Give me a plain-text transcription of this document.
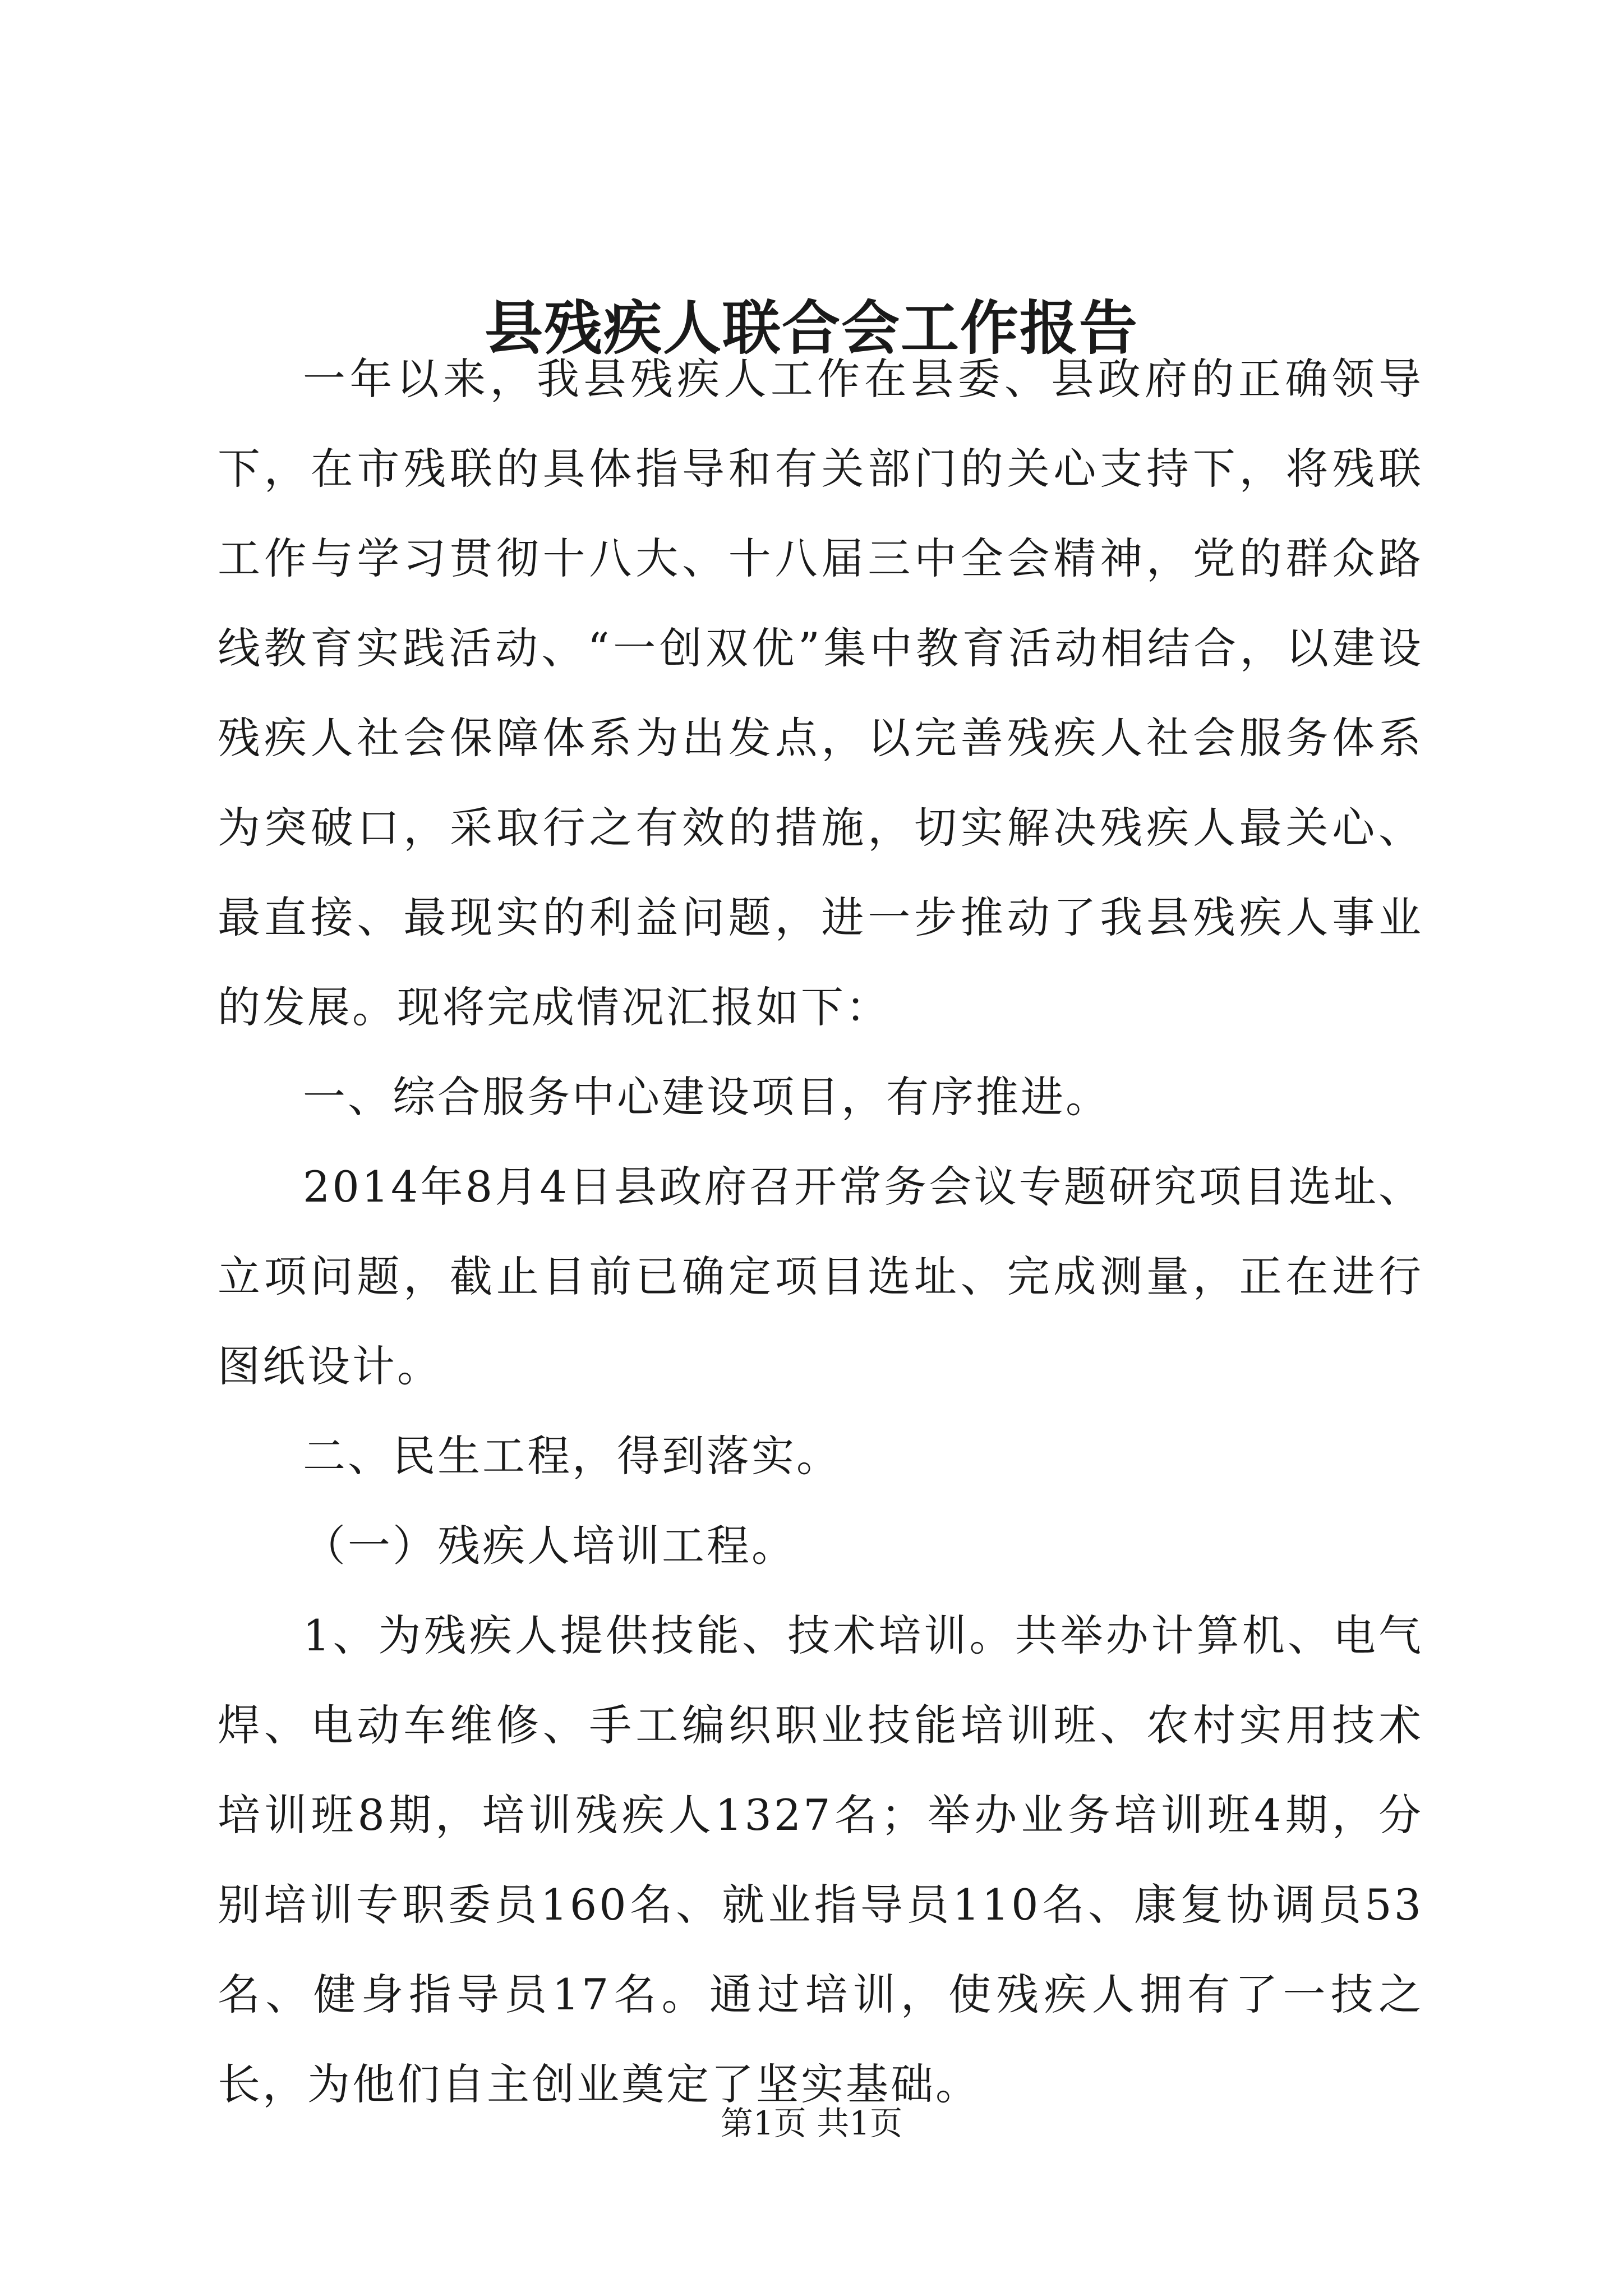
县残疾人联合会工作报告

一年以来，我县残疾人工作在县委、县政府的正确领导下，在市残联的具体指导和有关部门的关心支持下，将残联工作与学习贯彻十八大、十八届三中全会精神，党的群众路线教育实践活动、“一创双优”集中教育活动相结合，以建设残疾人社会保障体系为出发点，以完善残疾人社会服务体系为突破口，采取行之有效的措施，切实解决残疾人最关心、最直接、最现实的利益问题，进一步推动了我县残疾人事业的发展。现将完成情况汇报如下：

一、综合服务中心建设项目，有序推进。

2014年8月4日县政府召开常务会议专题研究项目选址、立项问题，截止目前已确定项目选址、完成测量，正在进行图纸设计。

二、民生工程，得到落实。

（一）残疾人培训工程。

1、为残疾人提供技能、技术培训。共举办计算机、电气焊、电动车维修、手工编织职业技能培训班、农村实用技术培训班8期，培训残疾人1327名；举办业务培训班4期，分别培训专职委员160名、就业指导员110名、康复协调员53名、健身指导员17名。通过培训，使残疾人拥有了一技之长，为他们自主创业奠定了坚实基础。

第1页 共1页
